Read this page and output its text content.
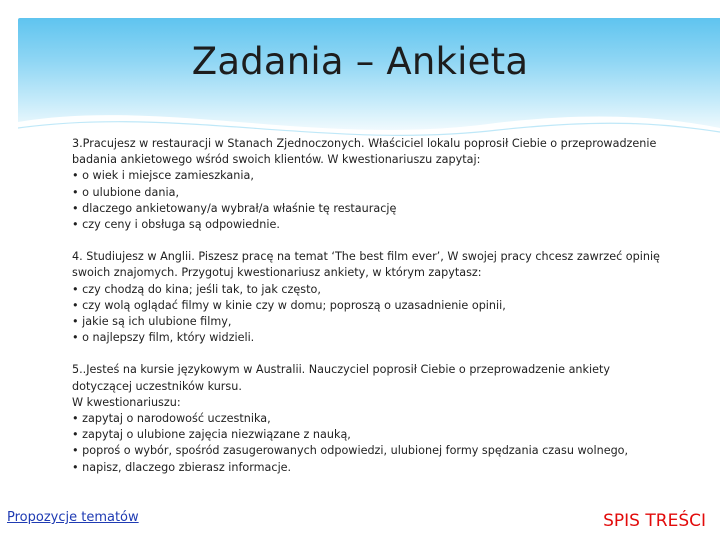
Zadania – Ankieta

3.Pracujesz w restauracji w Stanach Zjednoczonych. Właściciel lokalu poprosił Ciebie o przeprowadzenie badania ankietowego wśród swoich klientów. W kwestionariuszu zapytaj:

• o wiek i miejsce zamieszkania,
• o ulubione dania,
• dlaczego ankietowany/a wybrał/a właśnie tę restaurację
• czy ceny i obsługa są odpowiednie.

4. Studiujesz w Anglii. Piszesz pracę na temat ‘The best film ever’, W swojej pracy chcesz zawrzeć opinię swoich znajomych. Przygotuj kwestionariusz ankiety, w którym zapytasz:

• czy chodzą do kina; jeśli tak, to jak często,
• czy wolą oglądać filmy w kinie czy w domu; poproszą o uzasadnienie opinii,
• jakie są ich ulubione filmy,
• o najlepszy film, który widzieli.

5..Jesteś na kursie językowym w Australii. Nauczyciel poprosił Ciebie o przeprowadzenie ankiety dotyczącej uczestników kursu.

W kwestionariuszu:

• zapytaj o narodowość uczestnika,
• zapytaj o ulubione zajęcia niezwiązane z nauką,
• poproś o wybór, spośród zasugerowanych odpowiedzi, ulubionej formy spędzania czasu wolnego,
• napisz, dlaczego zbierasz informacje.
Propozycje tematów	SPIS TREŚCI
